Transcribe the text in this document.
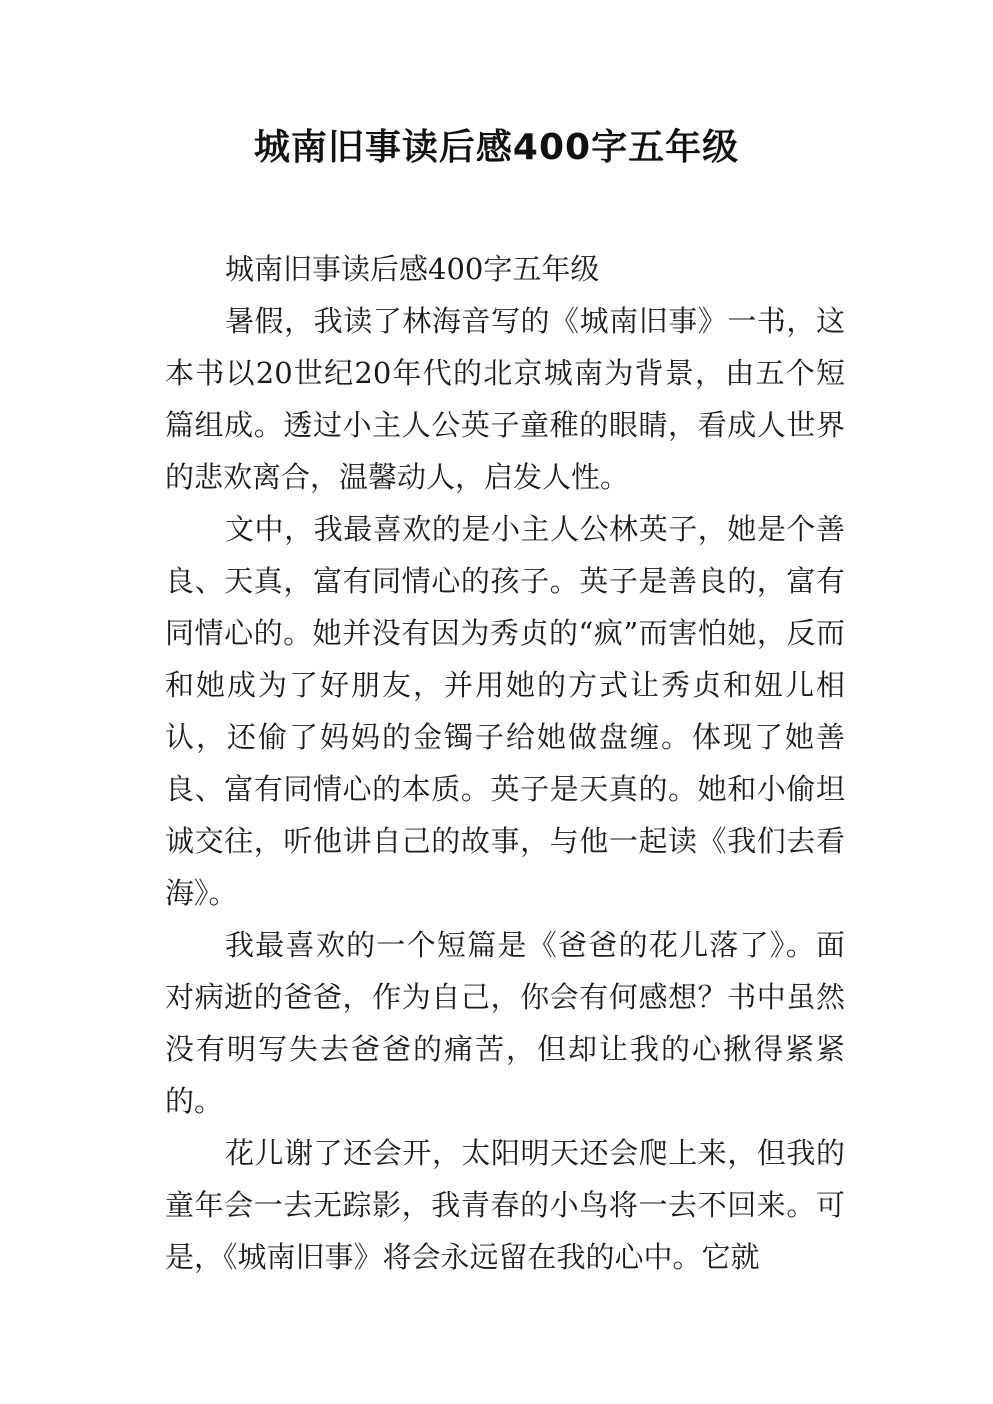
城南旧事读后感400字五年级

城南旧事读后感400字五年级

暑假，我读了林海音写的《城南旧事》一书，这本书以20世纪20年代的北京城南为背景，由五个短篇组成。透过小主人公英子童稚的眼睛，看成人世界的悲欢离合，温馨动人，启发人性。

文中，我最喜欢的是小主人公林英子，她是个善良、天真，富有同情心的孩子。英子是善良的，富有同情心的。她并没有因为秀贞的“疯”而害怕她，反而和她成为了好朋友，并用她的方式让秀贞和妞儿相认，还偷了妈妈的金镯子给她做盘缠。体现了她善良、富有同情心的本质。英子是天真的。她和小偷坦诚交往，听他讲自己的故事，与他一起读《我们去看海》。

我最喜欢的一个短篇是《爸爸的花儿落了》。面对病逝的爸爸，作为自己，你会有何感想？书中虽然没有明写失去爸爸的痛苦，但却让我的心揪得紧紧的。

花儿谢了还会开，太阳明天还会爬上来，但我的童年会一去无踪影，我青春的小鸟将一去不回来。可是，《城南旧事》将会永远留在我的心中。它就
